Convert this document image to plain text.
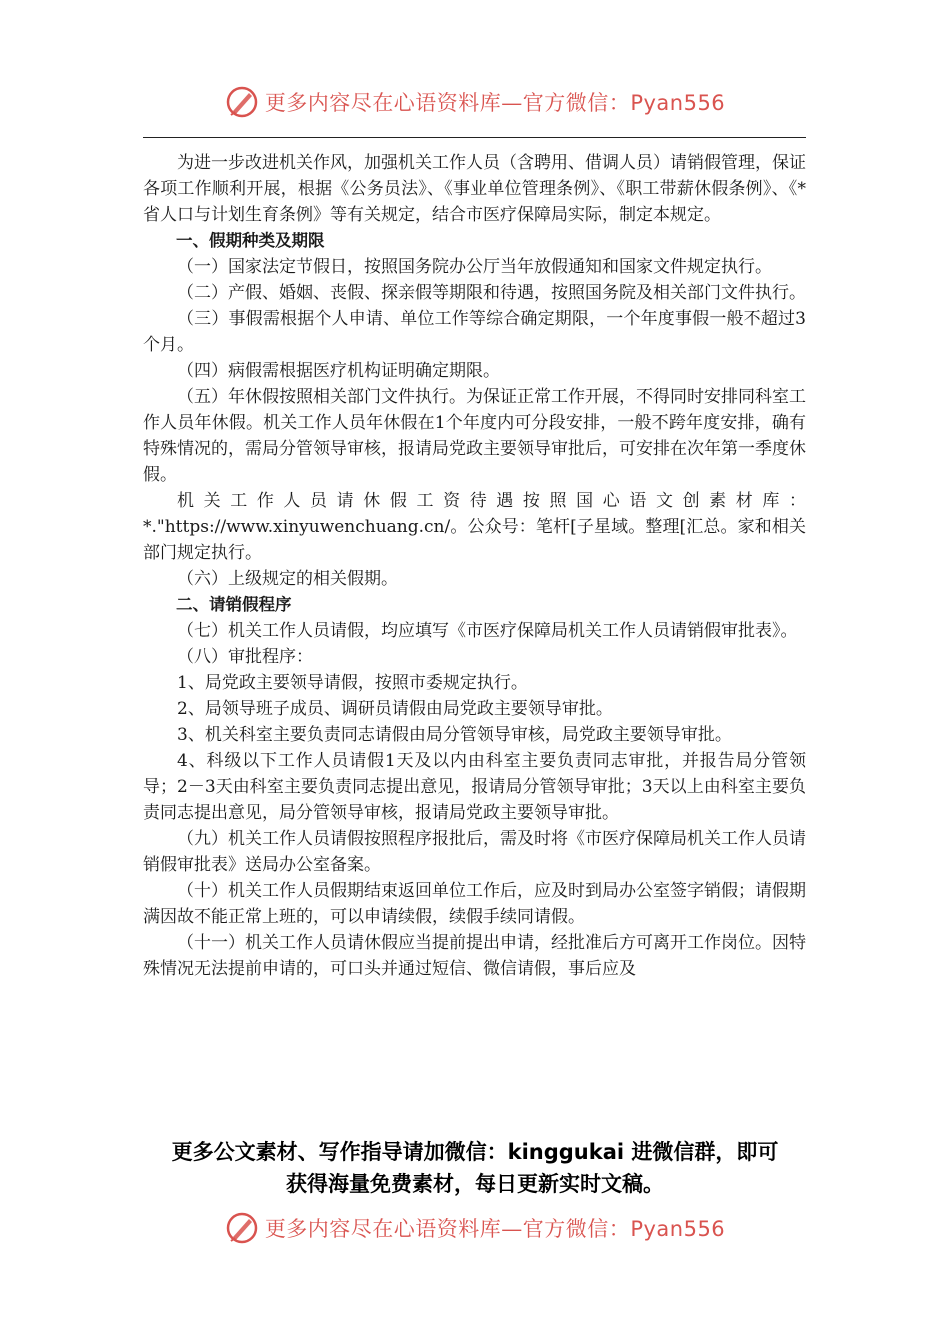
更多内容尽在心语资料库—官方微信：Pyan556

为进一步改进机关作风，加强机关工作人员（含聘用、借调人员）请销假管理，保证各项工作顺利开展，根据《公务员法》、《事业单位管理条例》、《职工带薪休假条例》、《*省人口与计划生育条例》等有关规定，结合市医疗保障局实际，制定本规定。

一、假期种类及期限

（一）国家法定节假日，按照国务院办公厅当年放假通知和国家文件规定执行。

（二）产假、婚姻、丧假、探亲假等期限和待遇，按照国务院及相关部门文件执行。

（三）事假需根据个人申请、单位工作等综合确定期限，一个年度事假一般不超过3个月。

（四）病假需根据医疗机构证明确定期限。

（五）年休假按照相关部门文件执行。为保证正常工作开展，不得同时安排同科室工作人员年休假。机关工作人员年休假在1个年度内可分段安排，一般不跨年度安排，确有特殊情况的，需局分管领导审核，报请局党政主要领导审批后，可安排在次年第一季度休假。

机关工作人员请休假工资待遇按照国心语文创素材库：*."https://www.xinyuwenchuang.cn/。公众号：笔杆[子星域。整理[汇总。家和相关部门规定执行。

（六）上级规定的相关假期。

二、请销假程序

（七）机关工作人员请假，均应填写《市医疗保障局机关工作人员请销假审批表》。

（八）审批程序：

1、局党政主要领导请假，按照市委规定执行。

2、局领导班子成员、调研员请假由局党政主要领导审批。

3、机关科室主要负责同志请假由局分管领导审核，局党政主要领导审批。

4、科级以下工作人员请假1天及以内由科室主要负责同志审批，并报告局分管领导；2－3天由科室主要负责同志提出意见，报请局分管领导审批；3天以上由科室主要负责同志提出意见，局分管领导审核，报请局党政主要领导审批。

（九）机关工作人员请假按照程序报批后，需及时将《市医疗保障局机关工作人员请销假审批表》送局办公室备案。

（十）机关工作人员假期结束返回单位工作后，应及时到局办公室签字销假；请假期满因故不能正常上班的，可以申请续假，续假手续同请假。

（十一）机关工作人员请休假应当提前提出申请，经批准后方可离开工作岗位。因特殊情况无法提前申请的，可口头并通过短信、微信请假，事后应及

更多公文素材、写作指导请加微信：kinggukai 进微信群，即可
获得海量免费素材，每日更新实时文稿。
更多内容尽在心语资料库—官方微信：Pyan556
